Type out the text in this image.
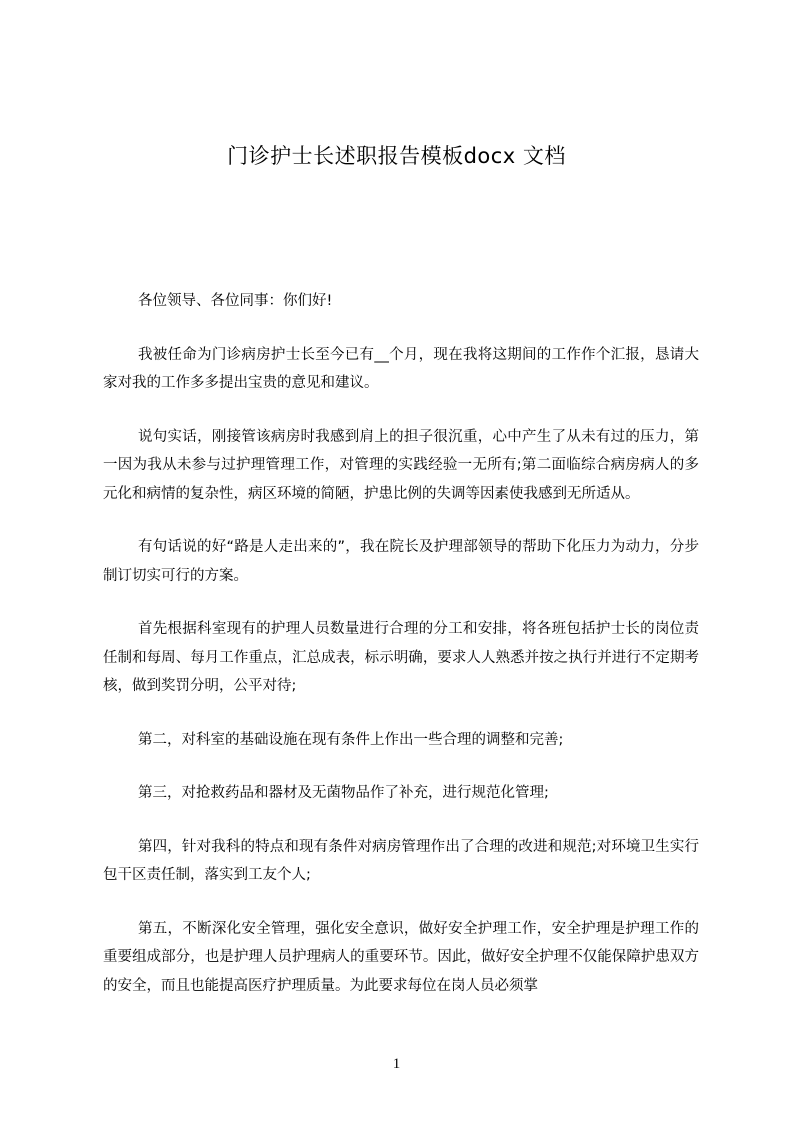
门诊护士长述职报告模板docx 文档

各位领导、各位同事：你们好!

我被任命为门诊病房护士长至今已有__个月，现在我将这期间的工作作个汇报，恳请大家对我的工作多多提出宝贵的意见和建议。

说句实话，刚接管该病房时我感到肩上的担子很沉重，心中产生了从未有过的压力，第一因为我从未参与过护理管理工作，对管理的实践经验一无所有;第二面临综合病房病人的多元化和病情的复杂性，病区环境的简陋，护患比例的失调等因素使我感到无所适从。

有句话说的好“路是人走出来的”，我在院长及护理部领导的帮助下化压力为动力，分步制订切实可行的方案。

首先根据科室现有的护理人员数量进行合理的分工和安排，将各班包括护士长的岗位责任制和每周、每月工作重点，汇总成表，标示明确，要求人人熟悉并按之执行并进行不定期考核，做到奖罚分明，公平对待;

第二，对科室的基础设施在现有条件上作出一些合理的调整和完善;

第三，对抢救药品和器材及无菌物品作了补充，进行规范化管理;

第四，针对我科的特点和现有条件对病房管理作出了合理的改进和规范;对环境卫生实行包干区责任制，落实到工友个人;

第五，不断深化安全管理，强化安全意识，做好安全护理工作，安全护理是护理工作的重要组成部分，也是护理人员护理病人的重要环节。因此，做好安全护理不仅能保障护患双方的安全，而且也能提高医疗护理质量。为此要求每位在岗人员必须掌

1
